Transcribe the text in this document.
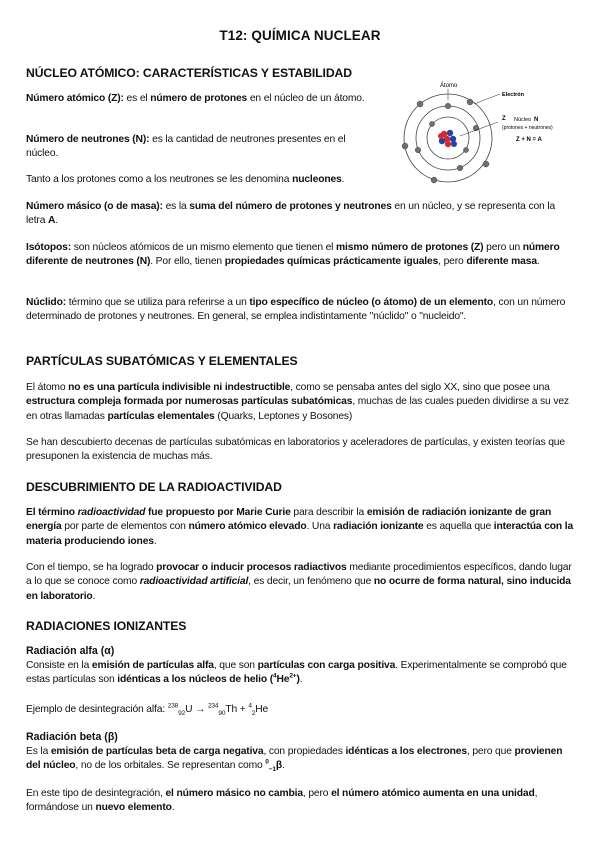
T12: QUÍMICA NUCLEAR
NÚCLEO ATÓMICO: CARACTERÍSTICAS Y ESTABILIDAD

Número atómico (Z): es el número de protones en el núcleo de un átomo.

Número de neutrones (N): es la cantidad de neutrones presentes en el núcleo.

Tanto a los protones como a los neutrones se les denomina nucleones.

Número másico (o de masa): es la suma del número de protones y neutrones en un núcleo, y se representa con la letra A.

Isótopos: son núcleos atómicos de un mismo elemento que tienen el mismo número de protones (Z) pero un número diferente de neutrones (N). Por ello, tienen propiedades químicas prácticamente iguales, pero diferente masa.

Núclido: término que se utiliza para referirse a un tipo específico de núcleo (o átomo) de un elemento, con un número determinado de protones y neutrones. En general, se emplea indistintamente "núclido" o "nucleido".

Átomo
Electrón
Z Núcleo N
(protones + neutrones)
Z + N = A
PARTÍCULAS SUBATÓMICAS Y ELEMENTALES

El átomo no es una partícula indivisible ni indestructible, como se pensaba antes del siglo XX, sino que posee una estructura compleja formada por numerosas partículas subatómicas, muchas de las cuales pueden dividirse a su vez en otras llamadas partículas elementales (Quarks, Leptones y Bosones)

Se han descubierto decenas de partículas subatómicas en laboratorios y aceleradores de partículas, y existen teorías que presuponen la existencia de muchas más.

DESCUBRIMIENTO DE LA RADIOACTIVIDAD

El término radioactividad fue propuesto por Marie Curie para describir la emisión de radiación ionizante de gran energía por parte de elementos con número atómico elevado. Una radiación ionizante es aquella que interactúa con la materia produciendo iones.

Con el tiempo, se ha logrado provocar o inducir procesos radiactivos mediante procedimientos específicos, dando lugar a lo que se conoce como radioactividad artificial, es decir, un fenómeno que no ocurre de forma natural, sino inducida en laboratorio.

RADIACIONES IONIZANTES
Radiación alfa (α)

Consiste en la emisión de partículas alfa, que son partículas con carga positiva. Experimentalmente se comprobó que estas partículas son idénticas a los núcleos de helio $(^4He^{2+})$.

Ejemplo de desintegración alfa: $^{238}_{92}$U → $^{234}_{90}$Th + $^4_2$He

Radiación beta (β)

Es la emisión de partículas beta de carga negativa, con propiedades idénticas a los electrones, pero que provienen del núcleo, no de los orbitales. Se representan como $^0_{-1}$β.

En este tipo de desintegración, el número másico no cambia, pero el número atómico aumenta en una unidad, formándose un nuevo elemento.
